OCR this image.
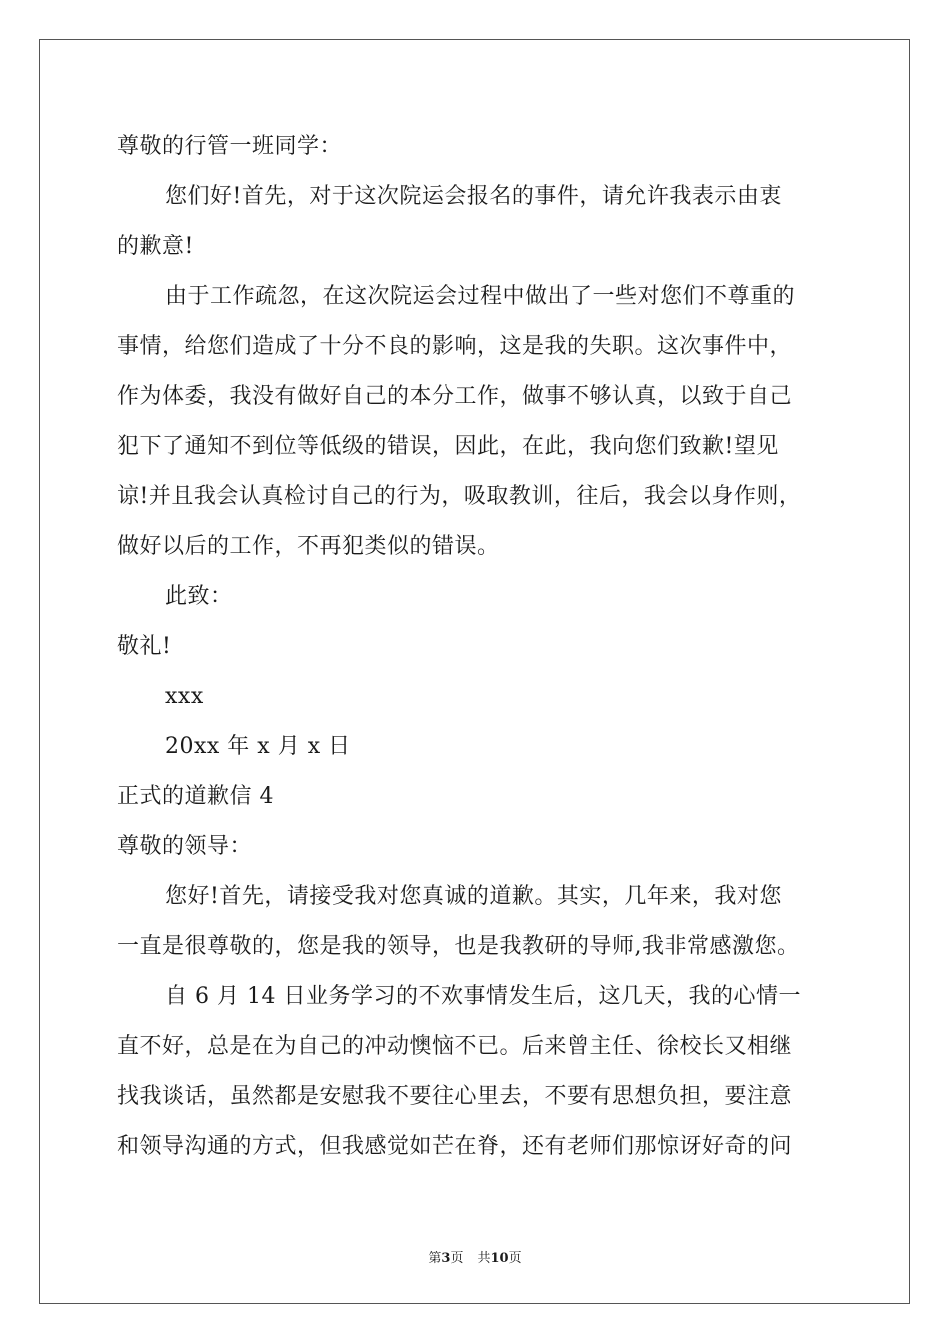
尊敬的行管一班同学：
您们好!首先，对于这次院运会报名的事件，请允许我表示由衷
的歉意!
由于工作疏忽，在这次院运会过程中做出了一些对您们不尊重的
事情，给您们造成了十分不良的影响，这是我的失职。这次事件中，
作为体委，我没有做好自己的本分工作，做事不够认真，以致于自己
犯下了通知不到位等低级的错误，因此，在此，我向您们致歉!望见
谅!并且我会认真检讨自己的行为，吸取教训，往后，我会以身作则，
做好以后的工作，不再犯类似的错误。
此致：
敬礼!
xxx
20xx 年 x 月 x 日
正式的道歉信 4
尊敬的领导：
您好!首先，请接受我对您真诚的道歉。其实，几年来，我对您
一直是很尊敬的，您是我的领导，也是我教研的导师,我非常感激您。
自 6 月 14 日业务学习的不欢事情发生后，这几天，我的心情一
直不好，总是在为自己的冲动懊恼不已。后来曾主任、徐校长又相继
找我谈话，虽然都是安慰我不要往心里去，不要有思想负担，要注意
和领导沟通的方式，但我感觉如芒在脊，还有老师们那惊讶好奇的问
第3页 共10页
